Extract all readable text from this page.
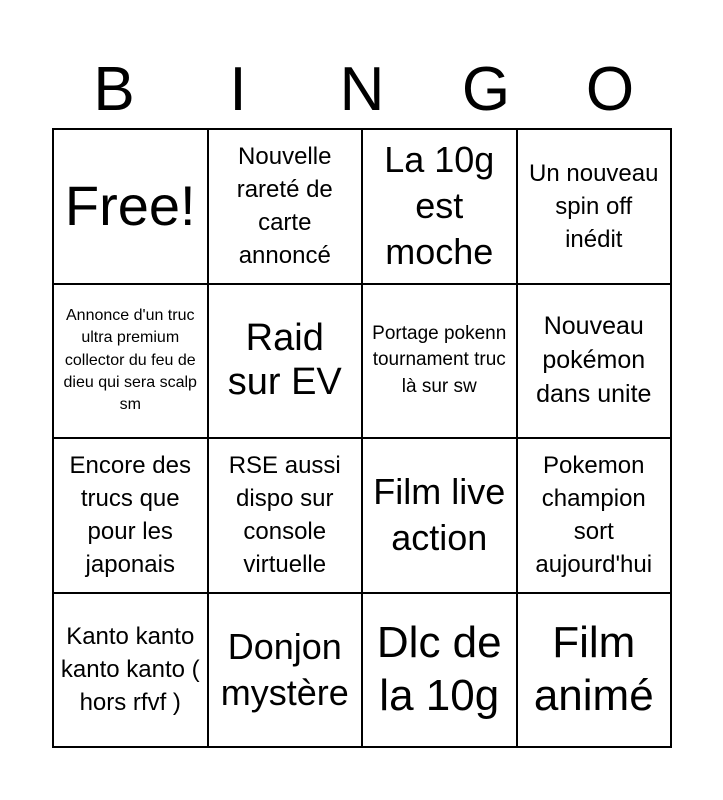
B	I	N	G	O
Free!
Nouvelle rareté de carte annoncé
La 10g est moche
Un nouveau spin off inédit
Annonce d'un truc ultra premium collector du feu de dieu qui sera scalp sm
Raid sur EV
Portage pokenn tournament truc là sur sw
Nouveau pokémon dans unite
Encore des trucs que pour les japonais
RSE aussi dispo sur console virtuelle
Film live action
Pokemon champion sort aujourd'hui
Kanto kanto kanto kanto ( hors rfvf )
Donjon mystère
Dlc de la 10g
Film animé
